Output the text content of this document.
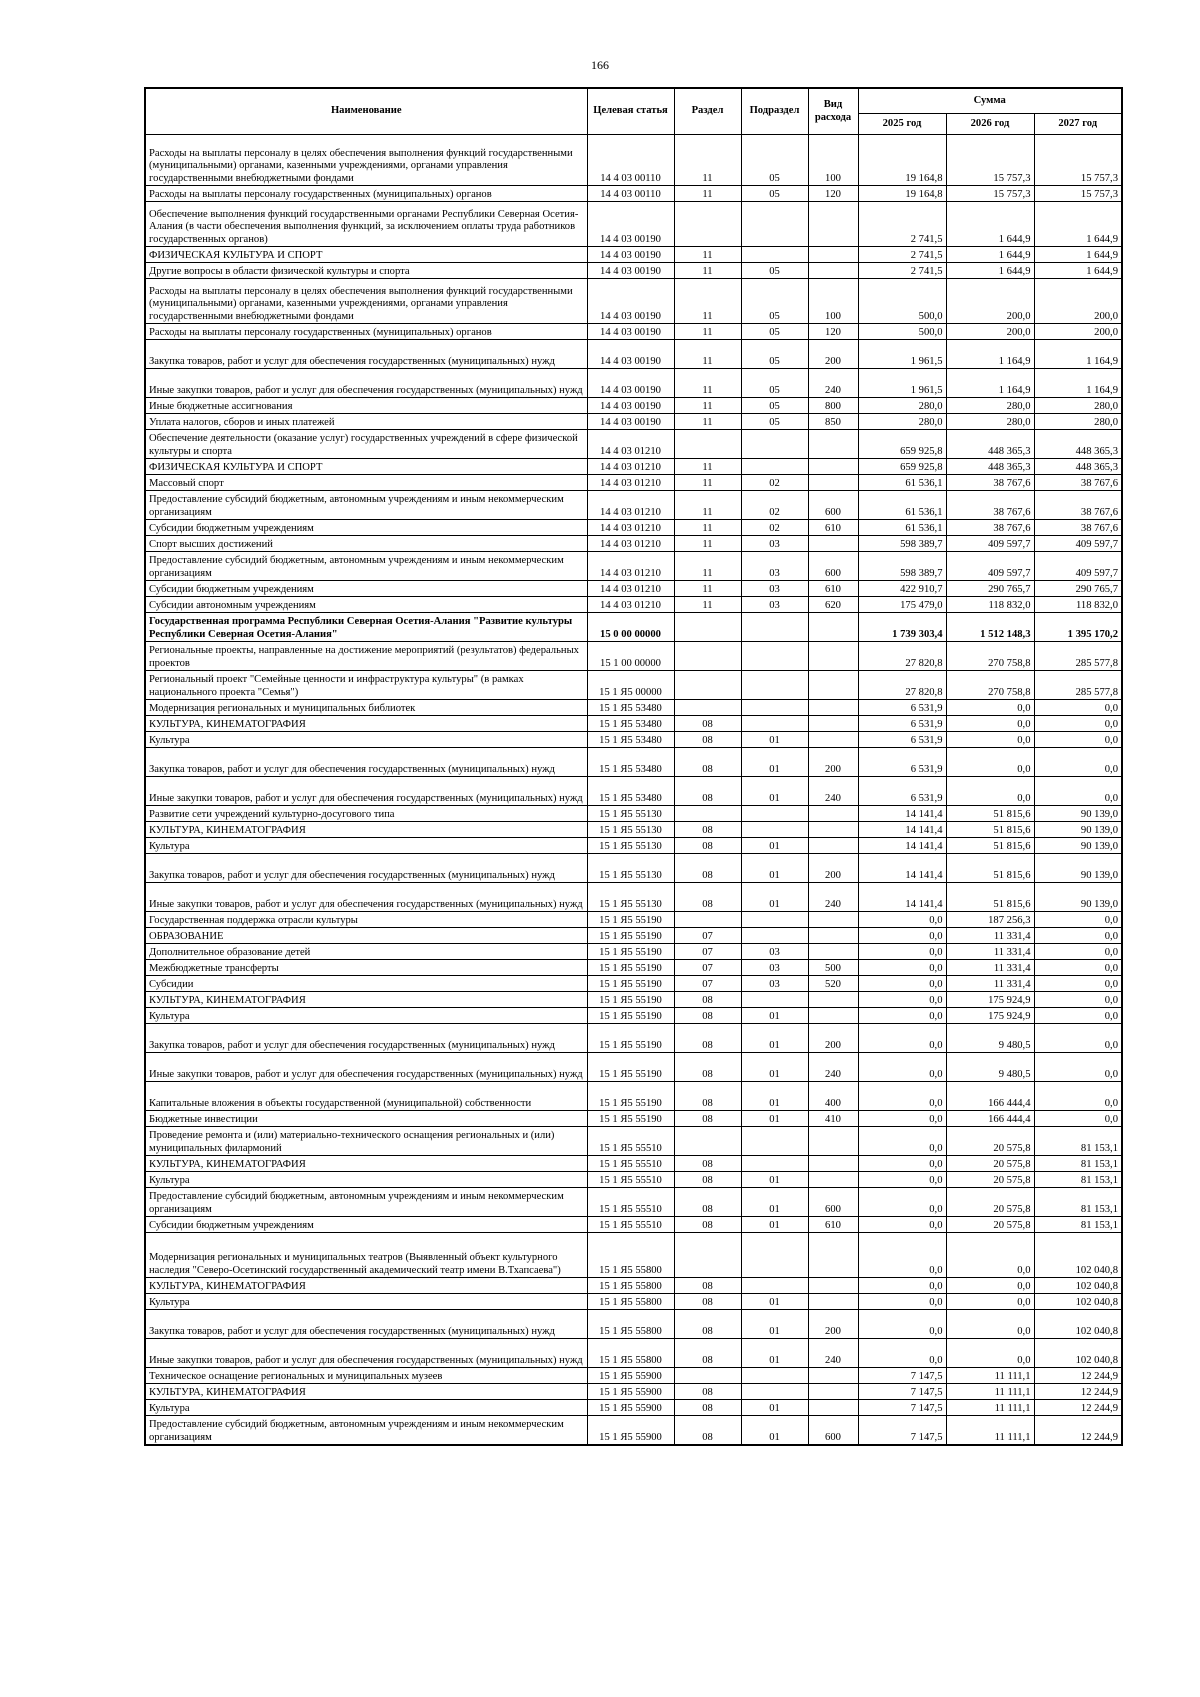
166
Наименование	Целевая статья	Раздел	Подраздел	Вид расхода	Сумма		
					2025 год	2026 год	2027 год
Расходы на выплаты персоналу в целях обеспечения выполнения функций государственными (муниципальными) органами, казенными учреждениями, органами управления государственными внебюджетными фондами	14 4 03 00110	11	05	100	19 164,8	15 757,3	15 757,3
Расходы на выплаты персоналу государственных (муниципальных) органов	14 4 03 00110	11	05	120	19 164,8	15 757,3	15 757,3
Обеспечение выполнения функций государственными органами Республики Северная Осетия-Алания (в части обеспечения выполнения функций, за исключением оплаты труда работников государственных органов)	14 4 03 00190				2 741,5	1 644,9	1 644,9
ФИЗИЧЕСКАЯ КУЛЬТУРА И СПОРТ	14 4 03 00190	11			2 741,5	1 644,9	1 644,9
Другие вопросы в области физической культуры и спорта	14 4 03 00190	11	05		2 741,5	1 644,9	1 644,9
Расходы на выплаты персоналу в целях обеспечения выполнения функций государственными (муниципальными) органами, казенными учреждениями, органами управления государственными внебюджетными фондами	14 4 03 00190	11	05	100	500,0	200,0	200,0
Расходы на выплаты персоналу государственных (муниципальных) органов	14 4 03 00190	11	05	120	500,0	200,0	200,0
Закупка товаров, работ и услуг для обеспечения государственных (муниципальных) нужд	14 4 03 00190	11	05	200	1 961,5	1 164,9	1 164,9
Иные закупки товаров, работ и услуг для обеспечения государственных (муниципальных) нужд	14 4 03 00190	11	05	240	1 961,5	1 164,9	1 164,9
Иные бюджетные ассигнования	14 4 03 00190	11	05	800	280,0	280,0	280,0
Уплата налогов, сборов и иных платежей	14 4 03 00190	11	05	850	280,0	280,0	280,0
Обеспечение деятельности (оказание услуг) государственных учреждений в сфере физической культуры и спорта	14 4 03 01210				659 925,8	448 365,3	448 365,3
ФИЗИЧЕСКАЯ КУЛЬТУРА И СПОРТ	14 4 03 01210	11			659 925,8	448 365,3	448 365,3
Массовый спорт	14 4 03 01210	11	02		61 536,1	38 767,6	38 767,6
Предоставление субсидий бюджетным, автономным учреждениям и иным некоммерческим организациям	14 4 03 01210	11	02	600	61 536,1	38 767,6	38 767,6
Субсидии бюджетным учреждениям	14 4 03 01210	11	02	610	61 536,1	38 767,6	38 767,6
Спорт высших достижений	14 4 03 01210	11	03		598 389,7	409 597,7	409 597,7
Предоставление субсидий бюджетным, автономным учреждениям и иным некоммерческим организациям	14 4 03 01210	11	03	600	598 389,7	409 597,7	409 597,7
Субсидии бюджетным учреждениям	14 4 03 01210	11	03	610	422 910,7	290 765,7	290 765,7
Субсидии автономным учреждениям	14 4 03 01210	11	03	620	175 479,0	118 832,0	118 832,0
Государственная программа Республики Северная Осетия-Алания "Развитие культуры Республики Северная Осетия-Алания"	15 0 00 00000				1 739 303,4	1 512 148,3	1 395 170,2
Региональные проекты, направленные на достижение мероприятий (результатов) федеральных проектов	15 1 00 00000				27 820,8	270 758,8	285 577,8
Региональный проект "Семейные ценности и инфраструктура культуры" (в рамках национального проекта "Семья")	15 1 Я5 00000				27 820,8	270 758,8	285 577,8
Модернизация региональных и муниципальных библиотек	15 1 Я5 53480				6 531,9	0,0	0,0
КУЛЬТУРА, КИНЕМАТОГРАФИЯ	15 1 Я5 53480	08			6 531,9	0,0	0,0
Культура	15 1 Я5 53480	08	01		6 531,9	0,0	0,0
Закупка товаров, работ и услуг для обеспечения государственных (муниципальных) нужд	15 1 Я5 53480	08	01	200	6 531,9	0,0	0,0
Иные закупки товаров, работ и услуг для обеспечения государственных (муниципальных) нужд	15 1 Я5 53480	08	01	240	6 531,9	0,0	0,0
Развитие сети учреждений культурно-досугового типа	15 1 Я5 55130				14 141,4	51 815,6	90 139,0
КУЛЬТУРА, КИНЕМАТОГРАФИЯ	15 1 Я5 55130	08			14 141,4	51 815,6	90 139,0
Культура	15 1 Я5 55130	08	01		14 141,4	51 815,6	90 139,0
Закупка товаров, работ и услуг для обеспечения государственных (муниципальных) нужд	15 1 Я5 55130	08	01	200	14 141,4	51 815,6	90 139,0
Иные закупки товаров, работ и услуг для обеспечения государственных (муниципальных) нужд	15 1 Я5 55130	08	01	240	14 141,4	51 815,6	90 139,0
Государственная поддержка отрасли культуры	15 1 Я5 55190				0,0	187 256,3	0,0
ОБРАЗОВАНИЕ	15 1 Я5 55190	07			0,0	11 331,4	0,0
Дополнительное образование детей	15 1 Я5 55190	07	03		0,0	11 331,4	0,0
Межбюджетные трансферты	15 1 Я5 55190	07	03	500	0,0	11 331,4	0,0
Субсидии	15 1 Я5 55190	07	03	520	0,0	11 331,4	0,0
КУЛЬТУРА, КИНЕМАТОГРАФИЯ	15 1 Я5 55190	08			0,0	175 924,9	0,0
Культура	15 1 Я5 55190	08	01		0,0	175 924,9	0,0
Закупка товаров, работ и услуг для обеспечения государственных (муниципальных) нужд	15 1 Я5 55190	08	01	200	0,0	9 480,5	0,0
Иные закупки товаров, работ и услуг для обеспечения государственных (муниципальных) нужд	15 1 Я5 55190	08	01	240	0,0	9 480,5	0,0
Капитальные вложения в объекты государственной (муниципальной) собственности	15 1 Я5 55190	08	01	400	0,0	166 444,4	0,0
Бюджетные инвестиции	15 1 Я5 55190	08	01	410	0,0	166 444,4	0,0
Проведение ремонта и (или) материально-технического оснащения региональных и (или) муниципальных филармоний	15 1 Я5 55510				0,0	20 575,8	81 153,1
КУЛЬТУРА, КИНЕМАТОГРАФИЯ	15 1 Я5 55510	08			0,0	20 575,8	81 153,1
Культура	15 1 Я5 55510	08	01		0,0	20 575,8	81 153,1
Предоставление субсидий бюджетным, автономным учреждениям и иным некоммерческим организациям	15 1 Я5 55510	08	01	600	0,0	20 575,8	81 153,1
Субсидии бюджетным учреждениям	15 1 Я5 55510	08	01	610	0,0	20 575,8	81 153,1
Модернизация региональных и муниципальных театров (Выявленный объект культурного наследия "Северо-Осетинский государственный академический театр имени В.Тхапсаева")	15 1 Я5 55800				0,0	0,0	102 040,8
КУЛЬТУРА, КИНЕМАТОГРАФИЯ	15 1 Я5 55800	08			0,0	0,0	102 040,8
Культура	15 1 Я5 55800	08	01		0,0	0,0	102 040,8
Закупка товаров, работ и услуг для обеспечения государственных (муниципальных) нужд	15 1 Я5 55800	08	01	200	0,0	0,0	102 040,8
Иные закупки товаров, работ и услуг для обеспечения государственных (муниципальных) нужд	15 1 Я5 55800	08	01	240	0,0	0,0	102 040,8
Техническое оснащение региональных и муниципальных музеев	15 1 Я5 55900				7 147,5	11 111,1	12 244,9
КУЛЬТУРА, КИНЕМАТОГРАФИЯ	15 1 Я5 55900	08			7 147,5	11 111,1	12 244,9
Культура	15 1 Я5 55900	08	01		7 147,5	11 111,1	12 244,9
Предоставление субсидий бюджетным, автономным учреждениям и иным некоммерческим организациям	15 1 Я5 55900	08	01	600	7 147,5	11 111,1	12 244,9
